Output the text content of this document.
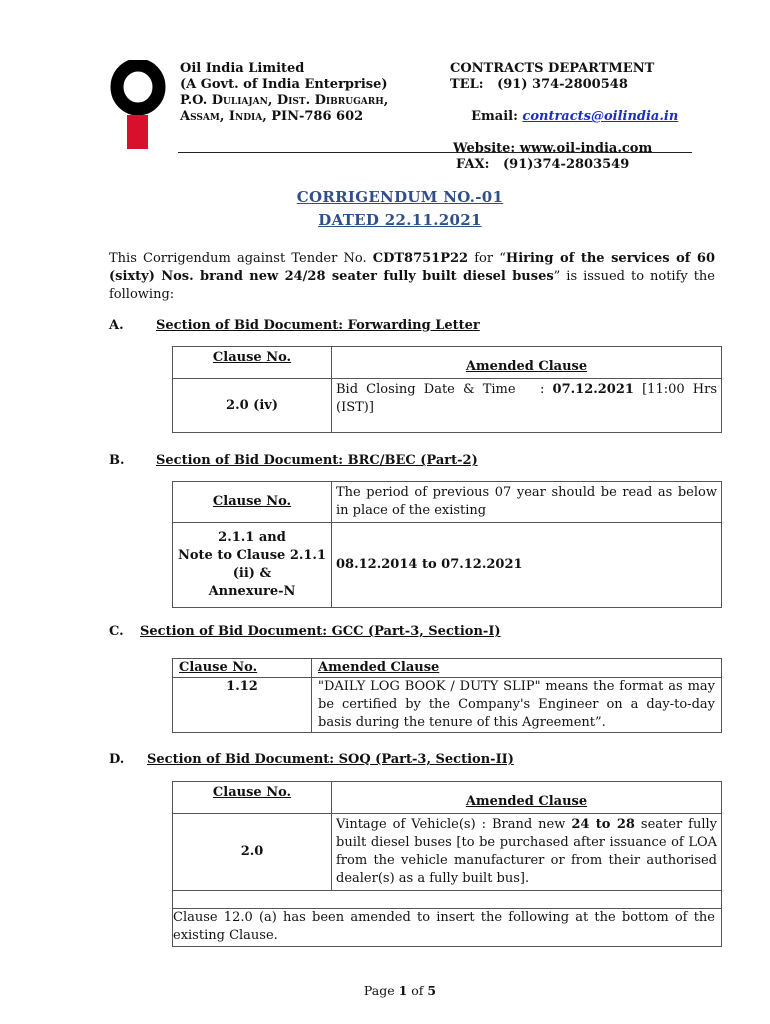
Oil India Limited
(A Govt. of India Enterprise)
P.O. Duliajan, Dist. Dibrugarh,
Assam, India, PIN-786 602
CONTRACTS DEPARTMENT
TEL:   (91) 374-2800548

Email: contracts@oilindia.in

Website: www.oil-india.com
FAX:   (91)374-2803549
CORRIGENDUM NO.-01
DATED 22.11.2021
This Corrigendum against Tender No. CDT8751P22 for “Hiring of the services of 60 (sixty) Nos. brand new 24/28 seater fully built diesel buses” is issued to notify the following:
A. Section of Bid Document: Forwarding Letter
Clause No.	Amended Clause
2.0 (iv)	Bid Closing Date & Time   : 07.12.2021 [11:00 Hrs (IST)]
B. Section of Bid Document: BRC/BEC (Part-2)
Clause No.	The period of previous 07 year should be read as below in place of the existing

2.1.1 and
Note to Clause 2.1.1
(ii) &
Annexure-N	08.12.2014 to 07.12.2021
C. Section of Bid Document: GCC (Part-3, Section-I)
Clause No.	Amended Clause
1.12	"DAILY LOG BOOK / DUTY SLIP" means the format as may be certified by the Company's Engineer on a day-to-day basis during the tenure of this Agreement”.
D. Section of Bid Document: SOQ (Part-3, Section-II)
Clause No.	Amended Clause
2.0	Vintage of Vehicle(s) : Brand new 24 to 28 seater fully built diesel buses [to be purchased after issuance of LOA from the vehicle manufacturer or from their authorised dealer(s) as a fully built bus].

Clause 12.0 (a) has been amended to insert the following at the bottom of the existing Clause.	
Page 1 of 5
